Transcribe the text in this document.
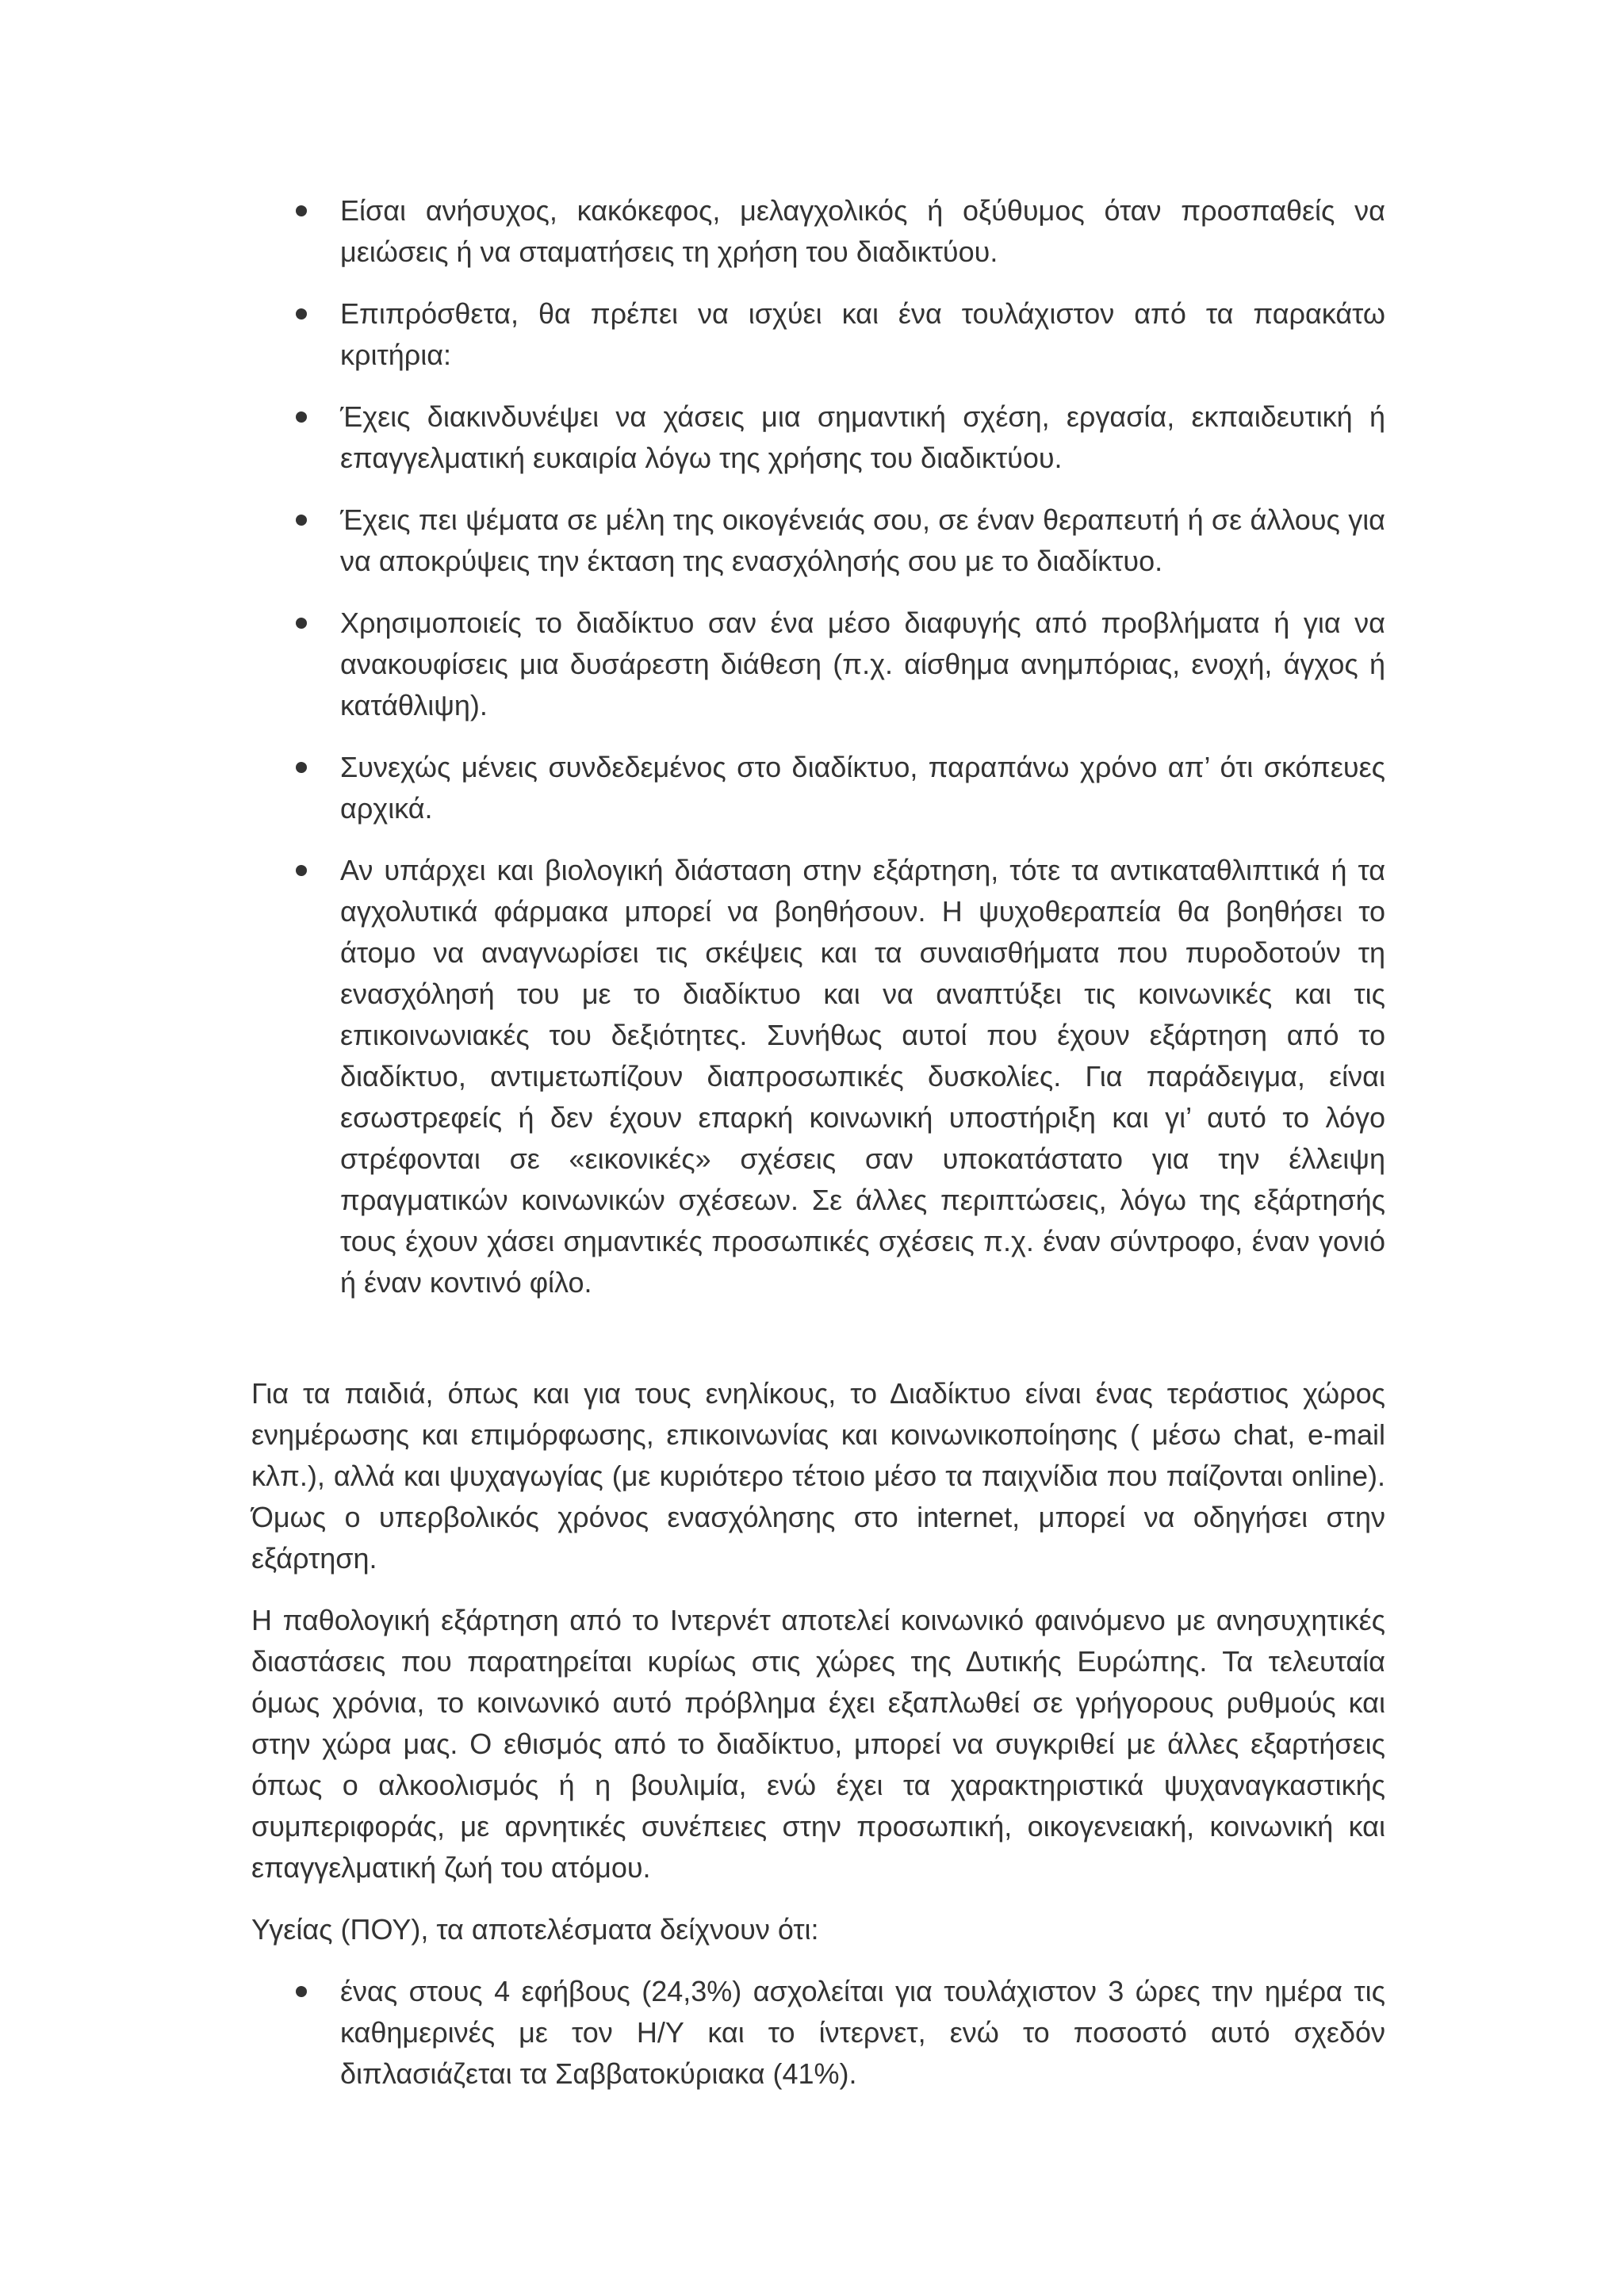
Είσαι ανήσυχος, κακόκεφος, μελαγχολικός ή οξύθυμος όταν προσπαθείς να μειώσεις ή να σταματήσεις τη χρήση του διαδικτύου.
Επιπρόσθετα, θα πρέπει να ισχύει και ένα τουλάχιστον από τα παρακάτω κριτήρια:
Έχεις διακινδυνέψει να χάσεις μια σημαντική σχέση, εργασία, εκπαιδευτική ή επαγγελματική ευκαιρία λόγω της χρήσης του διαδικτύου.
Έχεις πει ψέματα σε μέλη της οικογένειάς σου, σε έναν θεραπευτή ή σε άλλους για να αποκρύψεις την έκταση της ενασχόλησής σου με το διαδίκτυο.
Χρησιμοποιείς το διαδίκτυο σαν ένα μέσο διαφυγής από προβλήματα ή για να ανακουφίσεις μια δυσάρεστη διάθεση (π.χ. αίσθημα ανημπόριας, ενοχή, άγχος ή κατάθλιψη).
Συνεχώς μένεις συνδεδεμένος στο διαδίκτυο, παραπάνω χρόνο απ’ ότι σκόπευες αρχικά.
Αν υπάρχει και βιολογική διάσταση στην εξάρτηση, τότε τα αντικαταθλιπτικά ή τα αγχολυτικά φάρμακα μπορεί να βοηθήσουν. Η ψυχοθεραπεία θα βοηθήσει το άτομο να αναγνωρίσει τις σκέψεις και τα συναισθήματα που πυροδοτούν τη ενασχόλησή του με το διαδίκτυο και να αναπτύξει τις κοινωνικές και τις επικοινωνιακές του δεξιότητες. Συνήθως αυτοί που έχουν εξάρτηση από το διαδίκτυο, αντιμετωπίζουν διαπροσωπικές δυσκολίες. Για παράδειγμα, είναι εσωστρεφείς ή δεν έχουν επαρκή κοινωνική υποστήριξη και γι’ αυτό το λόγο στρέφονται σε «εικονικές» σχέσεις σαν υποκατάστατο για την έλλειψη πραγματικών κοινωνικών σχέσεων. Σε άλλες περιπτώσεις, λόγω της εξάρτησής τους έχουν χάσει σημαντικές προσωπικές σχέσεις π.χ. έναν σύντροφο, έναν γονιό ή έναν κοντινό φίλο.

Για τα παιδιά, όπως και για τους ενηλίκους, το Διαδίκτυο είναι ένας τεράστιος χώρος ενημέρωσης και επιμόρφωσης, επικοινωνίας και κοινωνικοποίησης ( μέσω chat, e-mail κλπ.), αλλά και ψυχαγωγίας (με κυριότερο τέτοιο μέσο τα παιχνίδια που παίζονται online). Όμως ο υπερβολικός χρόνος ενασχόλησης στο internet, μπορεί να οδηγήσει στην εξάρτηση.

Η παθολογική εξάρτηση από το Ιντερνέτ αποτελεί κοινωνικό φαινόμενο με ανησυχητικές διαστάσεις που παρατηρείται κυρίως στις χώρες της Δυτικής Ευρώπης. Τα τελευταία όμως χρόνια, το κοινωνικό αυτό πρόβλημα έχει εξαπλωθεί σε γρήγορους ρυθμούς και στην χώρα μας. Ο εθισμός από το διαδίκτυο, μπορεί να συγκριθεί με άλλες εξαρτήσεις όπως ο αλκοολισμός ή η βουλιμία, ενώ έχει τα χαρακτηριστικά ψυχαναγκαστικής συμπεριφοράς, με αρνητικές συνέπειες στην προσωπική, οικογενειακή, κοινωνική και επαγγελματική ζωή του ατόμου.

Υγείας (ΠΟΥ), τα αποτελέσματα δείχνουν ότι:

ένας στους 4 εφήβους (24,3%) ασχολείται για τουλάχιστον 3 ώρες την ημέρα τις καθημερινές με τον Η/Υ και το ίντερνετ, ενώ το ποσοστό αυτό σχεδόν διπλασιάζεται τα Σαββατοκύριακα (41%).
